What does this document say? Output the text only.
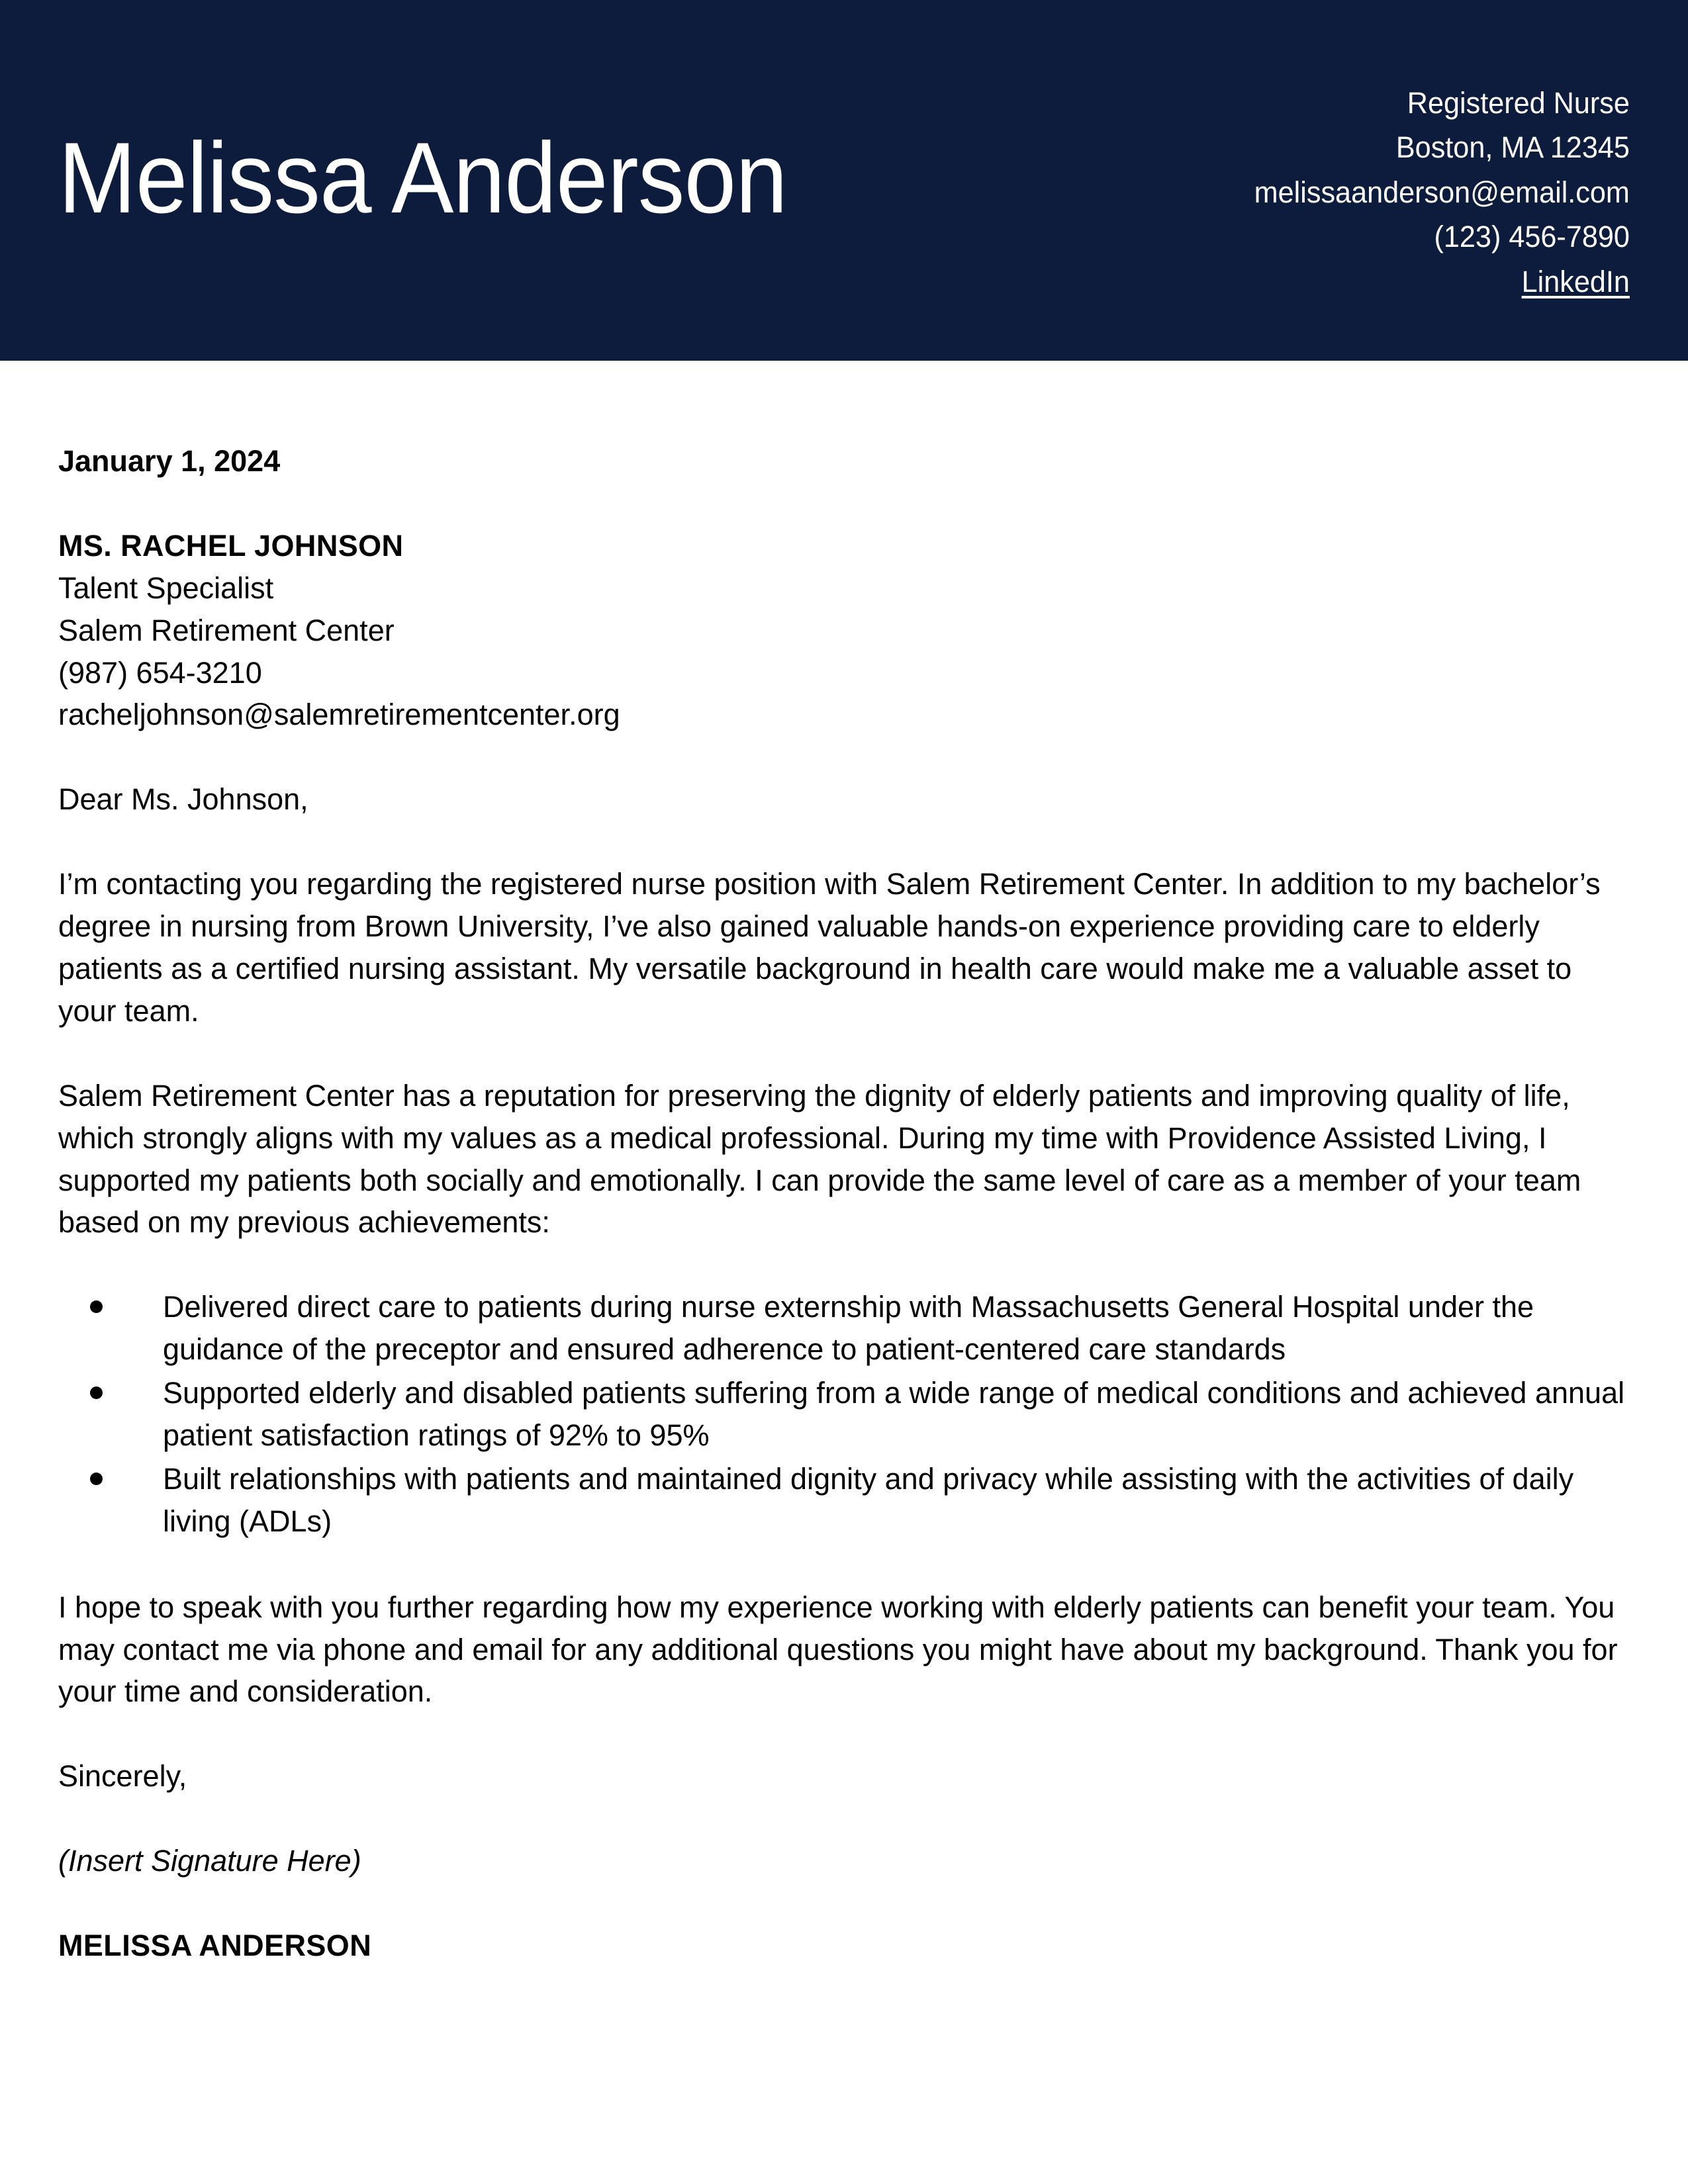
Melissa Anderson
Registered Nurse
Boston, MA 12345
melissaanderson@email.com
(123) 456-7890
LinkedIn
January 1, 2024
MS. RACHEL JOHNSON
Talent Specialist
Salem Retirement Center
(987) 654-3210
racheljohnson@salemretirementcenter.org
Dear Ms. Johnson,

I’m contacting you regarding the registered nurse position with Salem Retirement Center. In addition to my bachelor’s degree in nursing from Brown University, I’ve also gained valuable hands-on experience providing care to elderly patients as a certified nursing assistant. My versatile background in health care would make me a valuable asset to your team.

Salem Retirement Center has a reputation for preserving the dignity of elderly patients and improving quality of life, which strongly aligns with my values as a medical professional. During my time with Providence Assisted Living, I supported my patients both socially and emotionally. I can provide the same level of care as a member of your team based on my previous achievements:

Delivered direct care to patients during nurse externship with Massachusetts General Hospital under the guidance of the preceptor and ensured adherence to patient-centered care standards
Supported elderly and disabled patients suffering from a wide range of medical conditions and achieved annual patient satisfaction ratings of 92% to 95%
Built relationships with patients and maintained dignity and privacy while assisting with the activities of daily living (ADLs)

I hope to speak with you further regarding how my experience working with elderly patients can benefit your team. You may contact me via phone and email for any additional questions you might have about my background. Thank you for your time and consideration.

Sincerely,
(Insert Signature Here)
MELISSA ANDERSON
